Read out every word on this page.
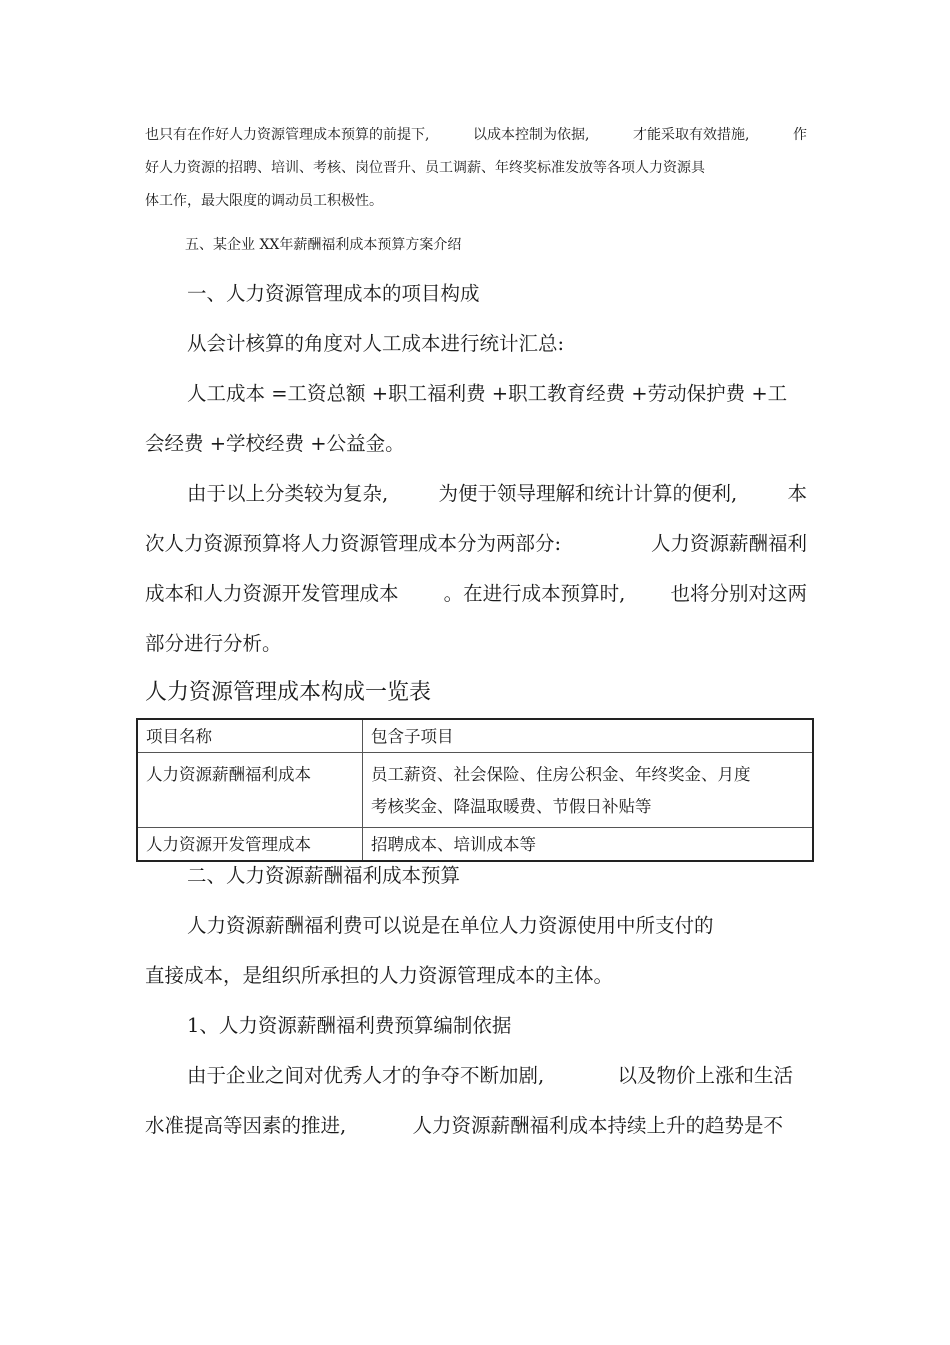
也只有在作好人力资源管理成本预算的前提下,	以成本控制为依据,	才能采取有效措施,	作
好人力资源的招聘、培训、考核、岗位晋升、员工调薪、年终奖标准发放等各项人力资源具
体工作，最大限度的调动员工积极性。
五、某企业 XX年薪酬福利成本预算方案介绍
一、人力资源管理成本的项目构成
从会计核算的角度对人工成本进行统计汇总:
人工成本 =工资总额 +职工福利费 +职工教育经费 +劳动保护费 +工
会经费 +学校经费 +公益金。
由于以上分类较为复杂,	为便于领导理解和统计计算的便利,	本
次人力资源预算将人力资源管理成本分为两部分:	人力资源薪酬福利
成本和人力资源开发管理成本 。在进行成本预算时, 也将分别对这两
部分进行分析。
人力资源管理成本构成一览表
项目名称	包含子项目
人力资源薪酬福利成本	员工薪资、社会保险、住房公积金、年终奖金、月度
考核奖金、降温取暖费、节假日补贴等

人力资源开发管理成本	招聘成本、培训成本等
二、人力资源薪酬福利成本预算
人力资源薪酬福利费可以说是在单位人力资源使用中所支付的
直接成本，是组织所承担的人力资源管理成本的主体。
1、人力资源薪酬福利费预算编制依据
由于企业之间对优秀人才的争夺不断加剧,	以及物价上涨和生活
水准提高等因素的推进,	人力资源薪酬福利成本持续上升的趋势是不
